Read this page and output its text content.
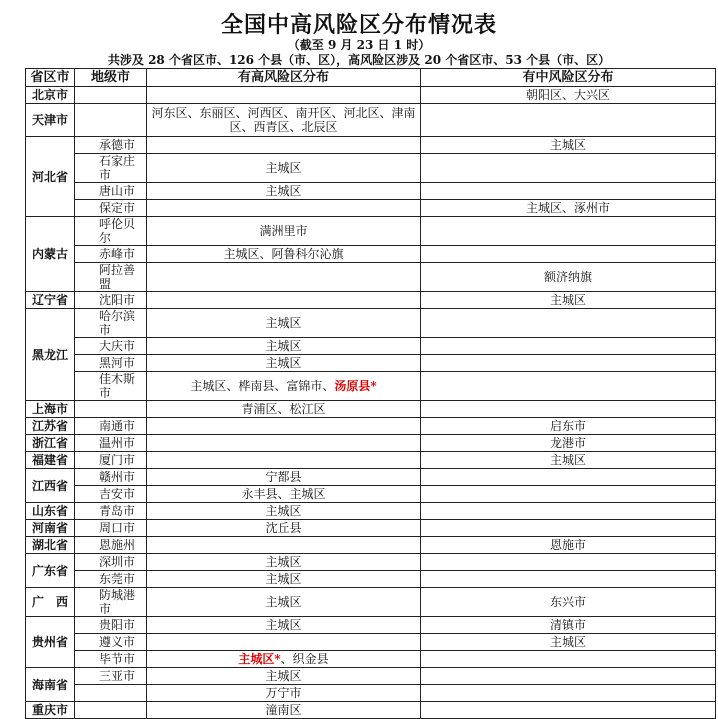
全国中高风险区分布情况表
（截至 9 月 23 日 1 时）
共涉及 28 个省区市、126 个县（市、区），高风险区涉及 20 个省区市、53 个县（市、区）
省区市	地级市	有高风险区分布	有中风险区分布
北京市			朝阳区、大兴区
天津市		河东区、东丽区、河西区、南开区、河北区、津南区、西青区、北辰区	
河北省	承德市		主城区
	石家庄市	主城区	
	唐山市	主城区	
	保定市		主城区、涿州市
内蒙古	呼伦贝尔	满洲里市	
	赤峰市	主城区、阿鲁科尔沁旗	
	阿拉善盟		额济纳旗
辽宁省	沈阳市		主城区
黑龙江	哈尔滨市	主城区	
	大庆市	主城区	
	黑河市	主城区	
	佳木斯市	主城区、桦南县、富锦市、汤原县*	
上海市		青浦区、松江区	
江苏省	南通市		启东市
浙江省	温州市		龙港市
福建省	厦门市		主城区
江西省	赣州市	宁都县	
	吉安市	永丰县、主城区	
山东省	青岛市	主城区	
河南省	周口市	沈丘县	
湖北省	恩施州		恩施市
广东省	深圳市	主城区	
	东莞市	主城区	
广　西	防城港市	主城区	东兴市
贵州省	贵阳市	主城区	清镇市
	遵义市		主城区
	毕节市	主城区*、织金县	
海南省	三亚市	主城区	
		万宁市	
重庆市		潼南区	
